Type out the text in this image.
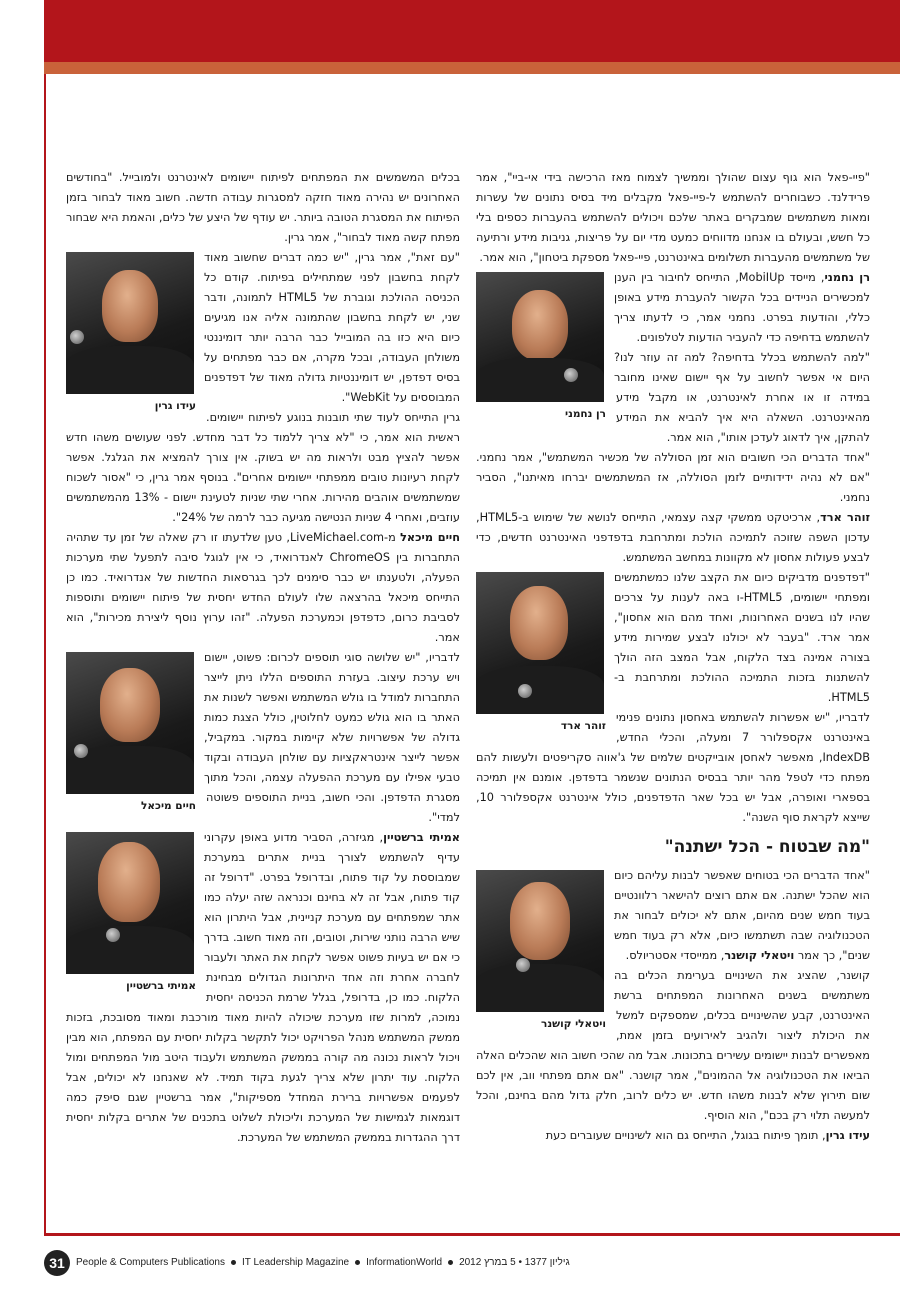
"פיי-פאל הוא גוף עצום שהולך וממשיך לצמוח מאז הרכישה בידי אי-ביי", אמר פרידלנד. כשבוחרים להשתמש ל-פיי-פאל מקבלים מיד בסיס נתונים של עשרות ומאות משתמשים שמבקרים באתר שלכם ויכולים להשתמש בהעברות כספים בלי כל חשש, ובעולם בו אנחנו מדווחים כמעט מדי יום על פריצות, גניבות מידע ורתיעה של משתמשים מהעברות תשלומים באינטרנט, פיי-פאל מספקת ביטחון", הוא אמר.

רן נחמני

רן נחמני, מייסד MobiIUp, התייחס לחיבור בין הענן למכשירים הניידים בכל הקשור להעברת מידע באופן כללי, והודעות בפרט. נחמני אמר, כי לדעתו צריך להשתמש בדחיפה כדי להעביר הודעות לטלפונים.

"למה להשתמש בכלל בדחיפה? למה זה עוזר לנו? היום אי אפשר לחשוב על אף יישום שאינו מחובר במידה זו או אחרת לאינטרנט, או מקבל מידע מהאינטרנט. השאלה היא איך להביא את המידע להתקן, איך לדאוג לעדכן אותו", הוא אמר.

"אחד הדברים הכי חשובים הוא זמן הסוללה של מכשיר המשתמש", אמר נחמני. "אם לא נהיה ידידותיים לזמן הסוללה, אז המשתמשים יברחו מאיתנו", הסביר נחמני.

זוהר ארד, ארכיטקט ממשקי קצה עצמאי, התייחס לנושא של שימוש ב-HTML5, עדכון השפה שזוכה לתמיכה הולכת ומתרחבת בדפדפני האינטרנט חדשים, כדי לבצע פעולות אחסון לא מקוונות במחשב המשתמש.

זוהר ארד

"דפדפנים מדביקים כיום את הקצב שלנו כמשתמשים ומפתחי יישומים, HTML5-ו באה לענות על צרכים שהיו לנו בשנים האחרונות, ואחד מהם הוא אחסון", אמר ארד. "בעבר לא יכולנו לבצע שמירות מידע בצורה אמינה בצד הלקוח, אבל המצב הזה הולך להשתנות בזכות התמיכה ההולכת ומתרחבת ב-HTML5.

לדבריו, "יש אפשרות להשתמש באחסון נתונים פנימי באינטרנט אקספלורר 7 ומעלה, והכלי החדש, IndexDB, מאפשר לאחסן אובייקטים שלמים של ג'אווה סקריפטים ולעשות להם מפתח כדי לטפל מהר יותר בבסיס הנתונים שנשמר בדפדפן. אומנם אין תמיכה בספארי ואופרה, אבל יש בכל שאר הדפדפנים, כולל אינטרנט אקספלורר 10, שייצא לקראת סוף השנה".

"מה שבטוח - הכל ישתנה"
ויטאלי קושנר

"אחד הדברים הכי בטוחים שאפשר לבנות עליהם כיום הוא שהכל ישתנה. אם אתם רוצים להישאר רלוונטיים בעוד חמש שנים מהיום, אתם לא יכולים לבחור את הטכנולוגיה שבה תשתמשו כיום, אלא רק בעוד חמש שנים", כך אמר ויטאלי קושנר, ממייסדי אסטריולס.

קושנר, שהציג את השינויים בערימת הכלים בה משתמשים בשנים האחרונות המפתחים ברשת האינטרנט, קבע שהשינויים בכלים, שמספקים למשל את היכולת ליצור ולהגיב לאירועים בזמן אמת, מאפשרים לבנות יישומים עשירים בתכונות. אבל מה שהכי חשוב הוא שהכלים האלה הביאו את הטכנולוגיה אל ההמונים", אמר קושנר. "אם אתם מפתחי ווב, אין לכם שום תירוץ שלא לבנות משהו חדש. יש כלים לרוב, חלק גדול מהם בחינם, והכל למעשה תלוי רק בכם", הוא הוסיף.

עידו גרין, תומך פיתוח בגוגל, התייחס גם הוא לשינויים שעוברים כעת

בכלים המשמשים את המפתחים לפיתוח יישומים לאינטרנט ולמובייל. "בחודשים האחרונים יש נהירה מאוד חזקה למסגרות עבודה חדשה. חשוב מאוד לבחור בזמן הפיתוח את המסגרת הטובה ביותר. יש עודף של היצע של כלים, והאמת היא שבחור מפתח קשה מאוד לבחור", אמר גרין.

עידו גרין

"עם זאת", אמר גרין, "יש כמה דברים שחשוב מאוד לקחת בחשבון לפני שמתחילים בפיתוח. קודם כל הכניסה ההולכת וגוברת של HTML5 לתמונה, ודבר שני, יש לקחת בחשבון שהתמונה אליה אנו מגיעים כיום היא כזו בה המובייל כבר הרבה יותר דומיננטי משולחן העבודה, ובכל מקרה, אם כבר מפתחים על בסיס דפדפן, יש דומיננטיות גדולה מאוד של דפדפנים המבוססים על WebKit".

גרין התייחס לעוד שתי תובנות בנוגע לפיתוח יישומים. ראשית הוא אמר, כי "לא צריך ללמוד כל דבר מחדש. לפני שעושים משהו חדש אפשר להציץ מבט ולראות מה יש בשוק. אין צורך להמציא את הגלגל. אפשר לקחת רעיונות טובים ממפתחי יישומים אחרים". בנוסף אמר גרין, כי "אסור לשכוח שמשתמשים אוהבים מהירות. אחרי שתי שניות לטעינת יישום - 13% מהמשתמשים עוזבים, ואחרי 4 שניות הנטישה מגיעה כבר לרמה של 24%".

חיים מיכאל מ-LiveMichael.com, טען שלדעתו זו רק שאלה של זמן עד שתהיה התחברות בין ChromeOS לאנדרואיד, כי אין לגוגל סיבה לתפעל שתי מערכות הפעלה, ולטענתו יש כבר סימנים לכך בגרסאות החדשות של אנדרואיד. כמו כן התייחס מיכאל בהרצאה שלו לעולם החדש יחסית של פיתוח יישומים ותוספות לסביבת כרום, כדפדפן וכמערכת הפעלה. "זהו ערוץ נוסף ליצירת מכירות", הוא אמר.

חיים מיכאל

לדבריו, "יש שלושה סוגי תוספים לכרום: פשוט, יישום ויש ערכת עיצוב. בעזרת התוספים הללו ניתן לייצר התחברות למודל בו גולש המשתמש ואפשר לשנות את האתר בו הוא גולש כמעט לחלוטין, כולל הצגת כמות גדולה של אפשרויות שלא קיימות במקור. במקביל, אפשר לייצר אינטראקציות עם שולחן העבודה ובקוד טבעי אפילו עם מערכת ההפעלה עצמה, והכל מתוך מסגרת הדפדפן. והכי חשוב, בניית התוספים פשוטה למדי".

אמיתי ברשטיין

אמיתי ברשטיין, מגיזרה, הסביר מדוע באופן עקרוני עדיף להשתמש לצורך בניית אתרים במערכת שמבוססת על קוד פתוח, ובדרופל בפרט. "דרופל זה קוד פתוח, אבל זה לא בחינם וכנראה שזה יעלה כמו אתר שמפתחים עם מערכת קניינית, אבל היתרון הוא שיש הרבה נותני שירות, וטובים, וזה מאוד חשוב. בדרך כי אם יש בעיות פשוט אפשר לקחת את האתר ולעבור לחברה אחרת וזה אחד היתרונות הגדולים מבחינת הלקוח. כמו כן, בדרופל, בגלל שרמת הכניסה יחסית נמוכה, למרות שזו מערכת שיכולה להיות מאוד מורכבת ומאוד מסובכת, בזכות ממשק המשתמש מנהל הפרויקט יכול לתקשר בקלות יחסית עם המפתח, הוא מבין ויכול לראות נכונה מה קורה בממשק המשתמש ולעבוד היטב מול המפתחים ומול הלקוח. עוד יתרון שלא צריך לגעת בקוד תמיד. לא שאנחנו לא יכולים, אבל לפעמים אפשרויות ברירת המחדל מספיקות", אמר ברשטיין שגם סיפק כמה דוגמאות לגמישות של המערכת וליכולת לשלוט בתכנים של אתרים בקלות יחסית דרך ההגדרות בממשק המשתמש של המערכת.

31	People & Computers Publications IT Leadership Magazine InformationWorld 2012 גיליון 1377 • 5 במרץ
